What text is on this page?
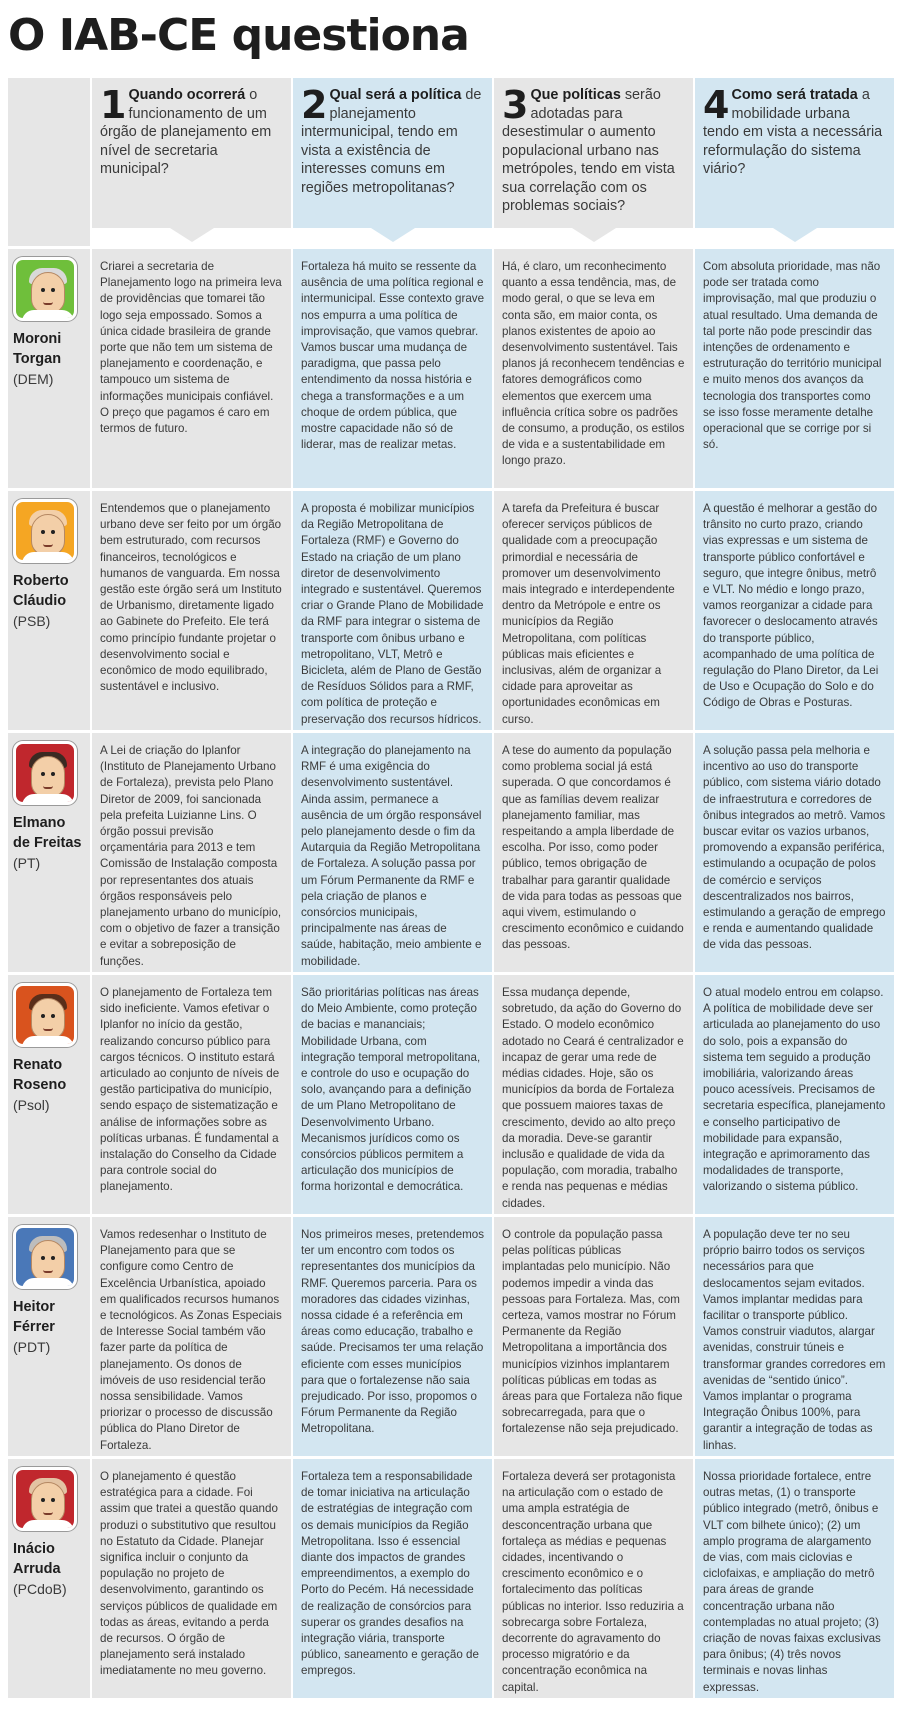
O IAB-CE questiona
1 Quando ocorrerá o funcionamento de um órgão de planejamento em nível de secretaria municipal?
2 Qual será a política de planejamento intermunicipal, tendo em vista a existência de interesses comuns em regiões metropolitanas?
3 Que políticas serão adotadas para desestimular o aumento populacional urbano nas metrópoles, tendo em vista sua correlação com os problemas sociais?
4 Como será tratada a mobilidade urbana tendo em vista a necessária reformulação do sistema viário?
Moroni Torgan
(DEM)
Criarei a secretaria de Planejamento logo na primeira leva de providências que tomarei tão logo seja empossado. Somos a única cidade brasileira de grande porte que não tem um sistema de planejamento e coordenação, e tampouco um sistema de informações municipais confiável. O preço que pagamos é caro em termos de futuro.
Fortaleza há muito se ressente da ausência de uma política regional e intermunicipal. Esse contexto grave nos empurra a uma política de improvisação, que vamos quebrar. Vamos buscar uma mudança de paradigma, que passa pelo entendimento da nossa história e chega a transformações e a um choque de ordem pública, que mostre capacidade não só de liderar, mas de realizar metas.
Há, é claro, um reconhecimento quanto a essa tendência, mas, de modo geral, o que se leva em conta são, em maior conta, os planos existentes de apoio ao desenvolvimento sustentável. Tais planos já reconhecem tendências e fatores demográficos como elementos que exercem uma influência crítica sobre os padrões de consumo, a produção, os estilos de vida e a sustentabilidade em longo prazo.
Com absoluta prioridade, mas não pode ser tratada como improvisação, mal que produziu o atual resultado. Uma demanda de tal porte não pode prescindir das intenções de ordenamento e estruturação do território municipal e muito menos dos avanços da tecnologia dos transportes como se isso fosse meramente detalhe operacional que se corrige por si só.
Roberto Cláudio
(PSB)
Entendemos que o planejamento urbano deve ser feito por um órgão bem estruturado, com recursos financeiros, tecnológicos e humanos de vanguarda. Em nossa gestão este órgão será um Instituto de Urbanismo, diretamente ligado ao Gabinete do Prefeito. Ele terá como princípio fundante projetar o desenvolvimento social e econômico de modo equilibrado, sustentável e inclusivo.
A proposta é mobilizar municípios da Região Metropolitana de Fortaleza (RMF) e Governo do Estado na criação de um plano diretor de desenvolvimento integrado e sustentável. Queremos criar o Grande Plano de Mobilidade da RMF para integrar o sistema de transporte com ônibus urbano e metropolitano, VLT, Metrô e Bicicleta, além de Plano de Gestão de Resíduos Sólidos para a RMF, com política de proteção e preservação dos recursos hídricos.
A tarefa da Prefeitura é buscar oferecer serviços públicos de qualidade com a preocupação primordial e necessária de promover um desenvolvimento mais integrado e interdependente dentro da Metrópole e entre os municípios da Região Metropolitana, com políticas públicas mais eficientes e inclusivas, além de organizar a cidade para aproveitar as oportunidades econômicas em curso.
A questão é melhorar a gestão do trânsito no curto prazo, criando vias expressas e um sistema de transporte público confortável e seguro, que integre ônibus, metrô e VLT. No médio e longo prazo, vamos reorganizar a cidade para favorecer o deslocamento através do transporte público, acompanhado de uma política de regulação do Plano Diretor, da Lei de Uso e Ocupação do Solo e do Código de Obras e Posturas.
Elmano de Freitas
(PT)
A Lei de criação do Iplanfor (Instituto de Planejamento Urbano de Fortaleza), prevista pelo Plano Diretor de 2009, foi sancionada pela prefeita Luizianne Lins. O órgão possui previsão orçamentária para 2013 e tem Comissão de Instalação composta por representantes dos atuais órgãos responsáveis pelo planejamento urbano do município, com o objetivo de fazer a transição e evitar a sobreposição de funções.
A integração do planejamento na RMF é uma exigência do desenvolvimento sustentável. Ainda assim, permanece a ausência de um órgão responsável pelo planejamento desde o fim da Autarquia da Região Metropolitana de Fortaleza. A solução passa por um Fórum Permanente da RMF e pela criação de planos e consórcios municipais, principalmente nas áreas de saúde, habitação, meio ambiente e mobilidade.
A tese do aumento da população como problema social já está superada. O que concordamos é que as famílias devem realizar planejamento familiar, mas respeitando a ampla liberdade de escolha. Por isso, como poder público, temos obrigação de trabalhar para garantir qualidade de vida para todas as pessoas que aqui vivem, estimulando o crescimento econômico e cuidando das pessoas.
A solução passa pela melhoria e incentivo ao uso do transporte público, com sistema viário dotado de infraestrutura e corredores de ônibus integrados ao metrô. Vamos buscar evitar os vazios urbanos, promovendo a expansão periférica, estimulando a ocupação de polos de comércio e serviços descentralizados nos bairros, estimulando a geração de emprego e renda e aumentando qualidade de vida das pessoas.
Renato Roseno
(Psol)
O planejamento de Fortaleza tem sido ineficiente. Vamos efetivar o Iplanfor no início da gestão, realizando concurso público para cargos técnicos. O instituto estará articulado ao conjunto de níveis de gestão participativa do município, sendo espaço de sistematização e análise de informações sobre as políticas urbanas. É fundamental a instalação do Conselho da Cidade para controle social do planejamento.
São prioritárias políticas nas áreas do Meio Ambiente, como proteção de bacias e mananciais; Mobilidade Urbana, com integração temporal metropolitana, e controle do uso e ocupação do solo, avançando para a definição de um Plano Metropolitano de Desenvolvimento Urbano. Mecanismos jurídicos como os consórcios públicos permitem a articulação dos municípios de forma horizontal e democrática.
Essa mudança depende, sobretudo, da ação do Governo do Estado. O modelo econômico adotado no Ceará é centralizador e incapaz de gerar uma rede de médias cidades. Hoje, são os municípios da borda de Fortaleza que possuem maiores taxas de crescimento, devido ao alto preço da moradia. Deve-se garantir inclusão e qualidade de vida da população, com moradia, trabalho e renda nas pequenas e médias cidades.
O atual modelo entrou em colapso. A política de mobilidade deve ser articulada ao planejamento do uso do solo, pois a expansão do sistema tem seguido a produção imobiliária, valorizando áreas pouco acessíveis. Precisamos de secretaria específica, planejamento e conselho participativo de mobilidade para expansão, integração e aprimoramento das modalidades de transporte, valorizando o sistema público.
Heitor Férrer
(PDT)
Vamos redesenhar o Instituto de Planejamento para que se configure como Centro de Excelência Urbanística, apoiado em qualificados recursos humanos e tecnológicos. As Zonas Especiais de Interesse Social também vão fazer parte da política de planejamento. Os donos de imóveis de uso residencial terão nossa sensibilidade. Vamos priorizar o processo de discussão pública do Plano Diretor de Fortaleza.
Nos primeiros meses, pretendemos ter um encontro com todos os representantes dos municípios da RMF. Queremos parceria. Para os moradores das cidades vizinhas, nossa cidade é a referência em áreas como educação, trabalho e saúde. Precisamos ter uma relação eficiente com esses municípios para que o fortalezense não saia prejudicado. Por isso, propomos o Fórum Permanente da Região Metropolitana.
O controle da população passa pelas políticas públicas implantadas pelo município. Não podemos impedir a vinda das pessoas para Fortaleza. Mas, com certeza, vamos mostrar no Fórum Permanente da Região Metropolitana a importância dos municípios vizinhos implantarem políticas públicas em todas as áreas para que Fortaleza não fique sobrecarregada, para que o fortalezense não seja prejudicado.
A população deve ter no seu próprio bairro todos os serviços necessários para que deslocamentos sejam evitados. Vamos implantar medidas para facilitar o transporte público. Vamos construir viadutos, alargar avenidas, construir túneis e transformar grandes corredores em avenidas de “sentido único”. Vamos implantar o programa Integração Ônibus 100%, para garantir a integração de todas as linhas.
Inácio Arruda
(PCdoB)
O planejamento é questão estratégica para a cidade. Foi assim que tratei a questão quando produzi o substitutivo que resultou no Estatuto da Cidade. Planejar significa incluir o conjunto da população no projeto de desenvolvimento, garantindo os serviços públicos de qualidade em todas as áreas, evitando a perda de recursos. O órgão de planejamento será instalado imediatamente no meu governo.
Fortaleza tem a responsabilidade de tomar iniciativa na articulação de estratégias de integração com os demais municípios da Região Metropolitana. Isso é essencial diante dos impactos de grandes empreendimentos, a exemplo do Porto do Pecém. Há necessidade de realização de consórcios para superar os grandes desafios na integração viária, transporte público, saneamento e geração de empregos.
Fortaleza deverá ser protagonista na articulação com o estado de uma ampla estratégia de desconcentração urbana que fortaleça as médias e pequenas cidades, incentivando o crescimento econômico e o fortalecimento das políticas públicas no interior. Isso reduziria a sobrecarga sobre Fortaleza, decorrente do agravamento do processo migratório e da concentração econômica na capital.
Nossa prioridade fortalece, entre outras metas, (1) o transporte público integrado (metrô, ônibus e VLT com bilhete único); (2) um amplo programa de alargamento de vias, com mais ciclovias e ciclofaixas, e ampliação do metrô para áreas de grande concentração urbana não contempladas no atual projeto; (3) criação de novas faixas exclusivas para ônibus; (4) três novos terminais e novas linhas expressas.
